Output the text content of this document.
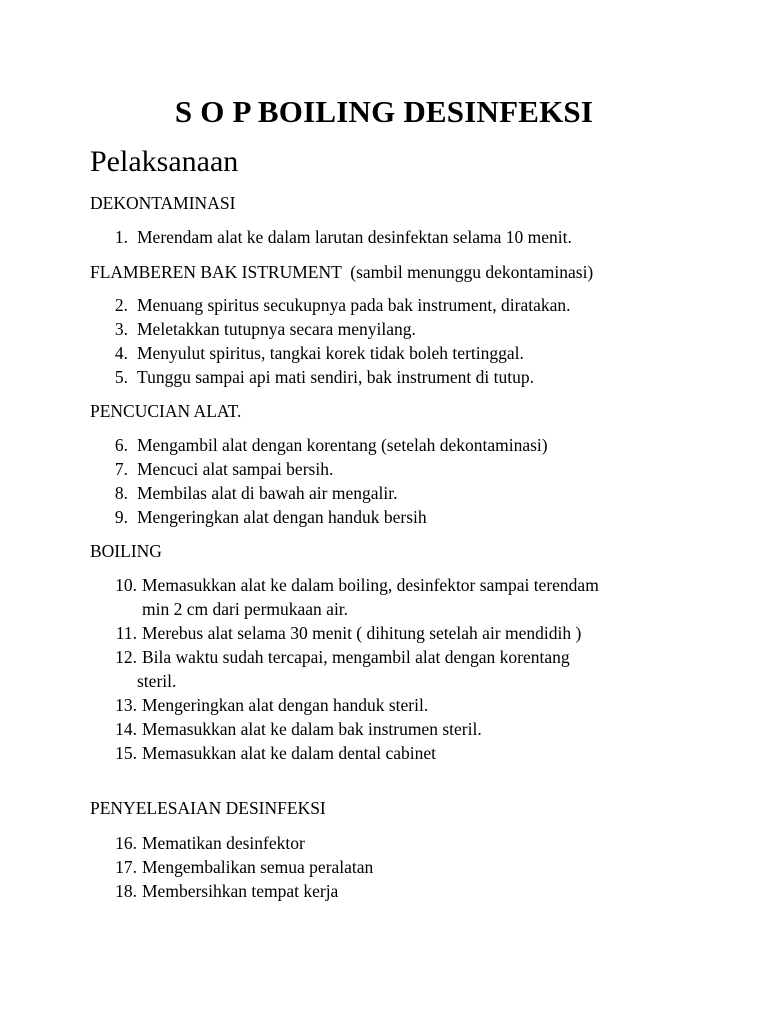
S O P BOILING DESINFEKSI
Pelaksanaan
DEKONTAMINASI
1. Merendam alat ke dalam larutan desinfektan selama 10 menit.
FLAMBEREN BAK ISTRUMENT  (sambil menunggu dekontaminasi)
2. Menuang spiritus secukupnya pada bak instrument, diratakan.
3. Meletakkan tutupnya secara menyilang.
4. Menyulut spiritus, tangkai korek tidak boleh tertinggal.
5. Tunggu sampai api mati sendiri, bak instrument di tutup.
PENCUCIAN ALAT.
6. Mengambil alat dengan korentang (setelah dekontaminasi)
7. Mencuci alat sampai bersih.
8. Membilas alat di bawah air mengalir.
9. Mengeringkan alat dengan handuk bersih
BOILING
10. Memasukkan alat ke dalam boiling, desinfektor sampai terendam
min 2 cm dari permukaan air.
11. Merebus alat selama 30 menit ( dihitung setelah air mendidih )
12. Bila waktu sudah tercapai, mengambil alat dengan korentang
steril.
13. Mengeringkan alat dengan handuk steril.
14. Memasukkan alat ke dalam bak instrumen steril.
15. Memasukkan alat ke dalam dental cabinet
PENYELESAIAN DESINFEKSI
16. Mematikan desinfektor
17. Mengembalikan semua peralatan
18. Membersihkan tempat kerja
